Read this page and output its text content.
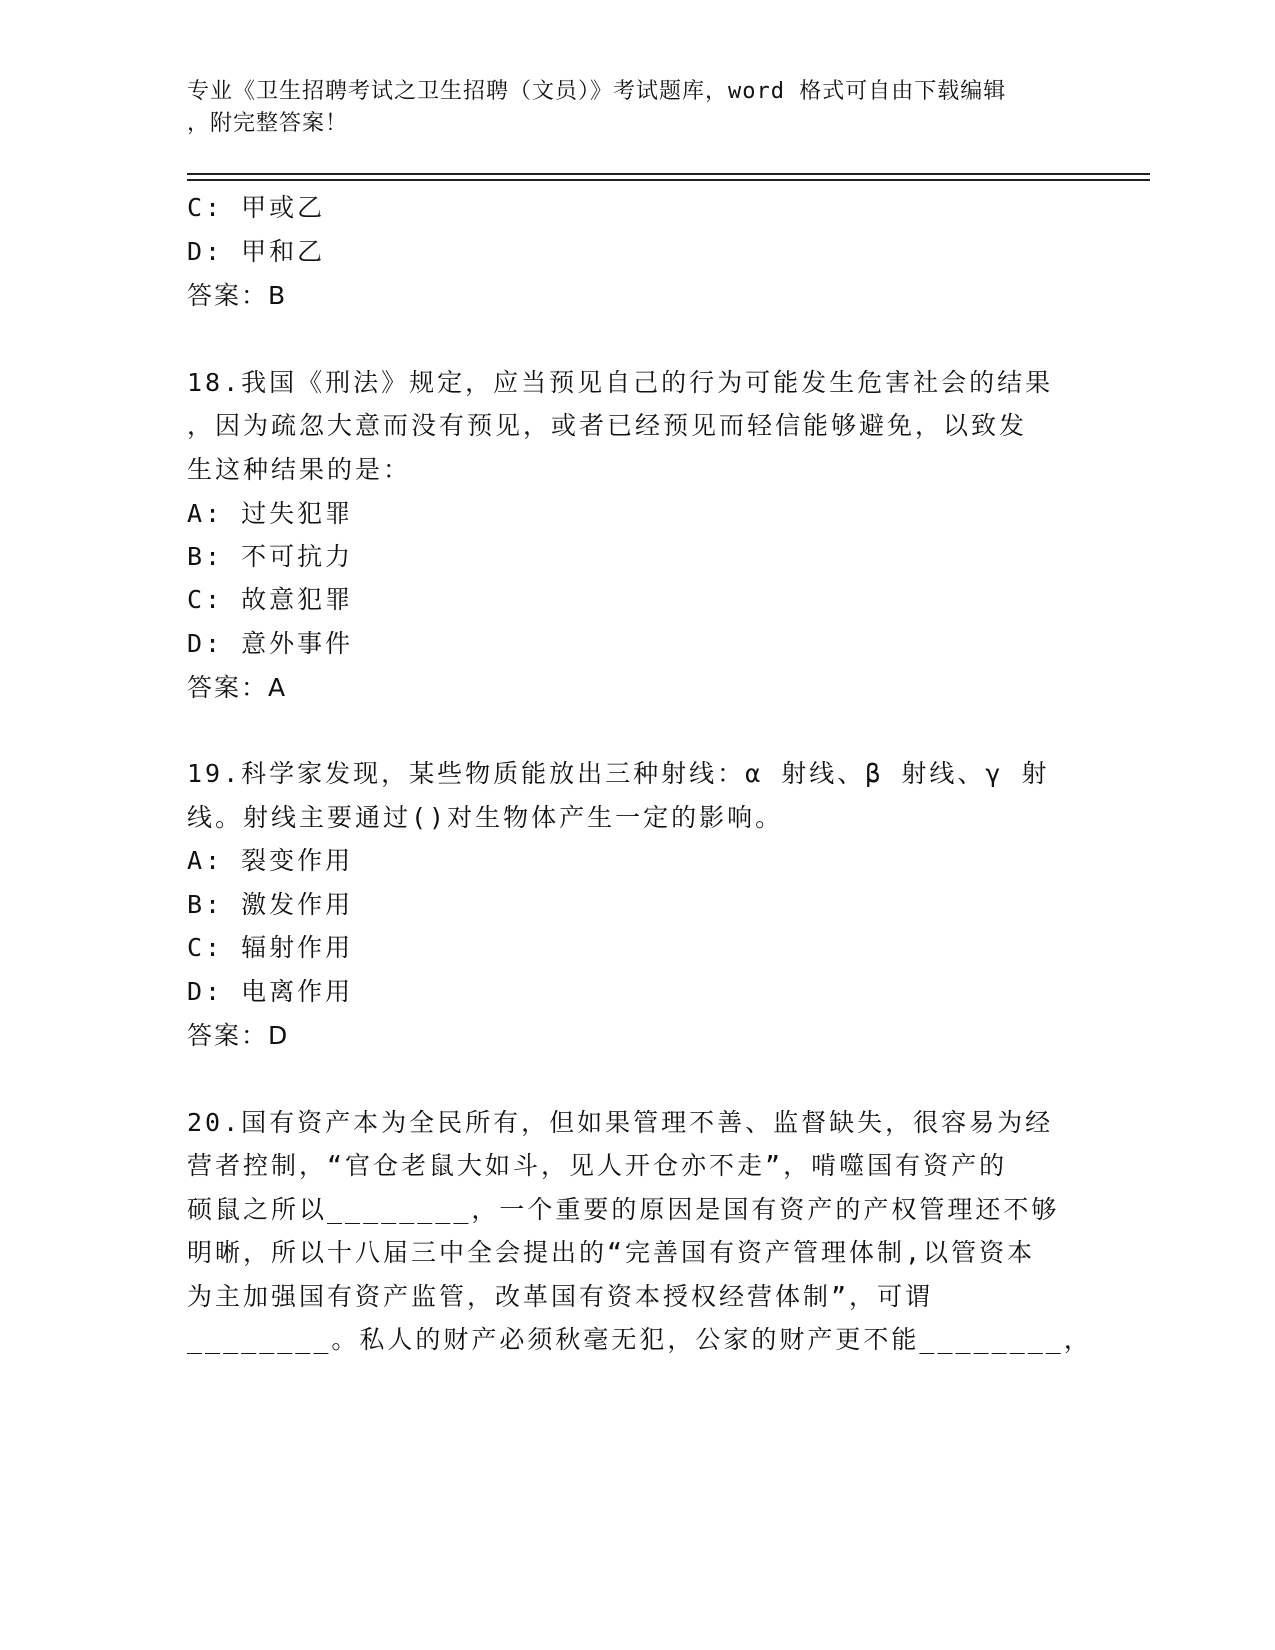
专业《卫生招聘考试之卫生招聘（文员）》考试题库，word 格式可自由下载编辑
，附完整答案！
C: 甲或乙
D: 甲和乙
答案：B
18.我国《刑法》规定，应当预见自己的行为可能发生危害社会的结果
，因为疏忽大意而没有预见，或者已经预见而轻信能够避免，以致发
生这种结果的是：
A: 过失犯罪
B: 不可抗力
C: 故意犯罪
D: 意外事件
答案：A
19.科学家发现，某些物质能放出三种射线：α 射线、β 射线、γ 射
线。射线主要通过()对生物体产生一定的影响。
A: 裂变作用
B: 激发作用
C: 辐射作用
D: 电离作用
答案：D
20.国有资产本为全民所有，但如果管理不善、监督缺失，很容易为经
营者控制，“官仓老鼠大如斗，见人开仓亦不走”，啃噬国有资产的
硕鼠之所以________，一个重要的原因是国有资产的产权管理还不够
明晰，所以十八届三中全会提出的“完善国有资产管理体制,以管资本
为主加强国有资产监管，改革国有资本授权经营体制”，可谓
________。私人的财产必须秋毫无犯，公家的财产更不能________，
